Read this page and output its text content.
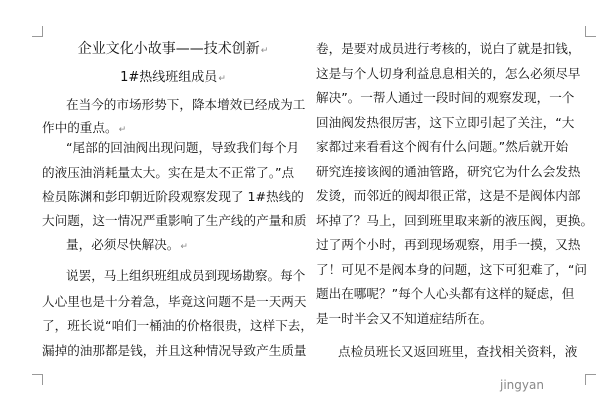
企业文化小故事——技术创新↵
1#热线班组成员↵
在当今的市场形势下，降本增效已经成为工
作中的重点。↵
“尾部的回油阀出现问题，导致我们每个月
的液压油消耗量太大。实在是太不正常了。”点
检员陈渊和彭印朝近阶段观察发现了 1#热线的
大问题，这一情况严重影响了生产线的产量和质
量，必须尽快解决。↵
说罢，马上组织班组成员到现场勘察。每个
人心里也是十分着急，毕竟这问题不是一天两天
了，班长说“咱们一桶油的价格很贵，这样下去，
漏掉的油那都是钱，并且这种情况导致产生质量
卷，是要对成员进行考核的，说白了就是扣钱，
这是与个人切身利益息息相关的，怎么必须尽早
解决”。一帮人通过一段时间的观察发现，一个
回油阀发热很厉害，这下立即引起了关注，“大
家都过来看看这个阀有什么问题。”然后就开始
研究连接该阀的通油管路，研究它为什么会发热
发烫，而邻近的阀却很正常，这是不是阀体内部
坏掉了？马上，回到班里取来新的液压阀，更换。
过了两个小时，再到现场观察，用手一摸，又热
了！可见不是阀本身的问题，这下可犯难了，“问
题出在哪呢？”每个人心头都有这样的疑虑，但
是一时半会又不知道症结所在。
点检员班长又返回班里，查找相关资料，液
jingyan
